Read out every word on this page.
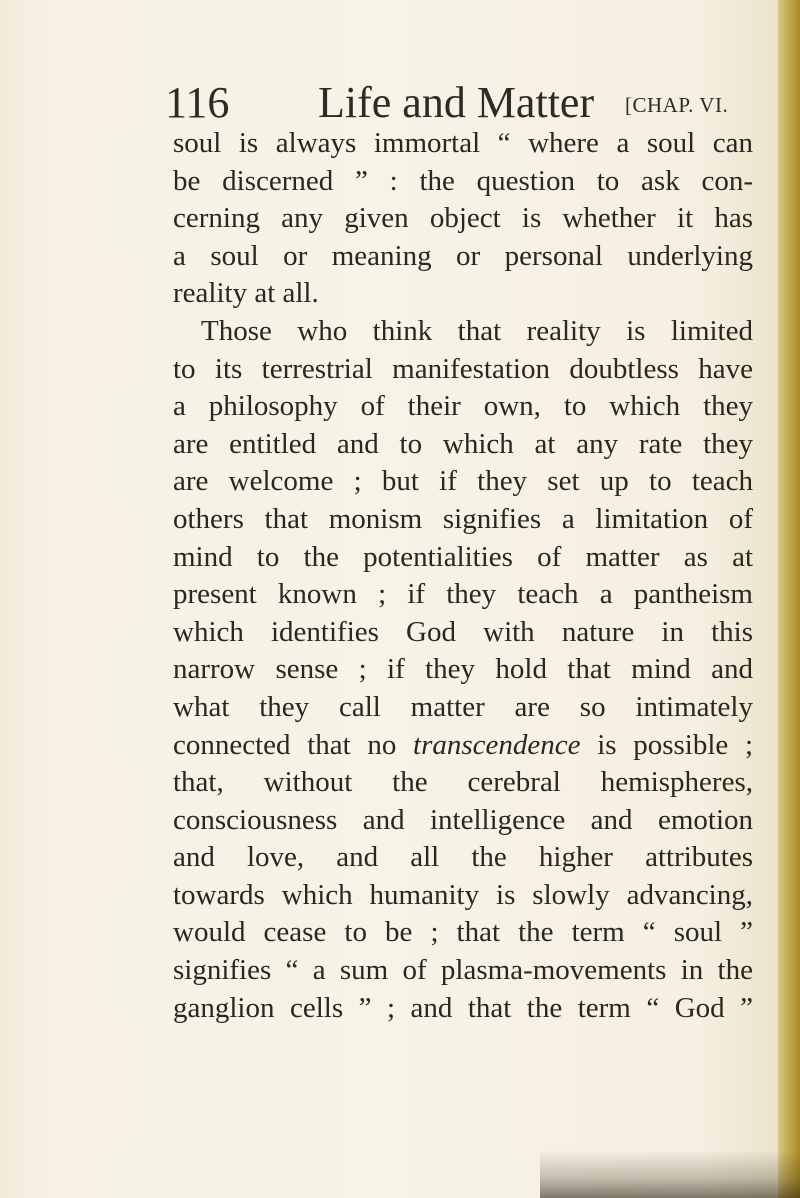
116 Life and Matter [CHAP. VI.
soul is always immortal “ where a soul can
be discerned ” : the question to ask con-
cerning any given object is whether it has
a soul or meaning or personal underlying
reality at all.
Those who think that reality is limited
to its terrestrial manifestation doubtless have
a philosophy of their own, to which they
are entitled and to which at any rate they
are welcome ; but if they set up to teach
others that monism signifies a limitation of
mind to the potentialities of matter as at
present known ; if they teach a pantheism
which identifies God with nature in this
narrow sense ; if they hold that mind and
what they call matter are so intimately
connected that no transcendence is possible ;
that, without the cerebral hemispheres,
consciousness and intelligence and emotion
and love, and all the higher attributes
towards which humanity is slowly advancing,
would cease to be ; that the term “ soul ”
signifies “ a sum of plasma-movements in the
ganglion cells ” ; and that the term “ God ”
